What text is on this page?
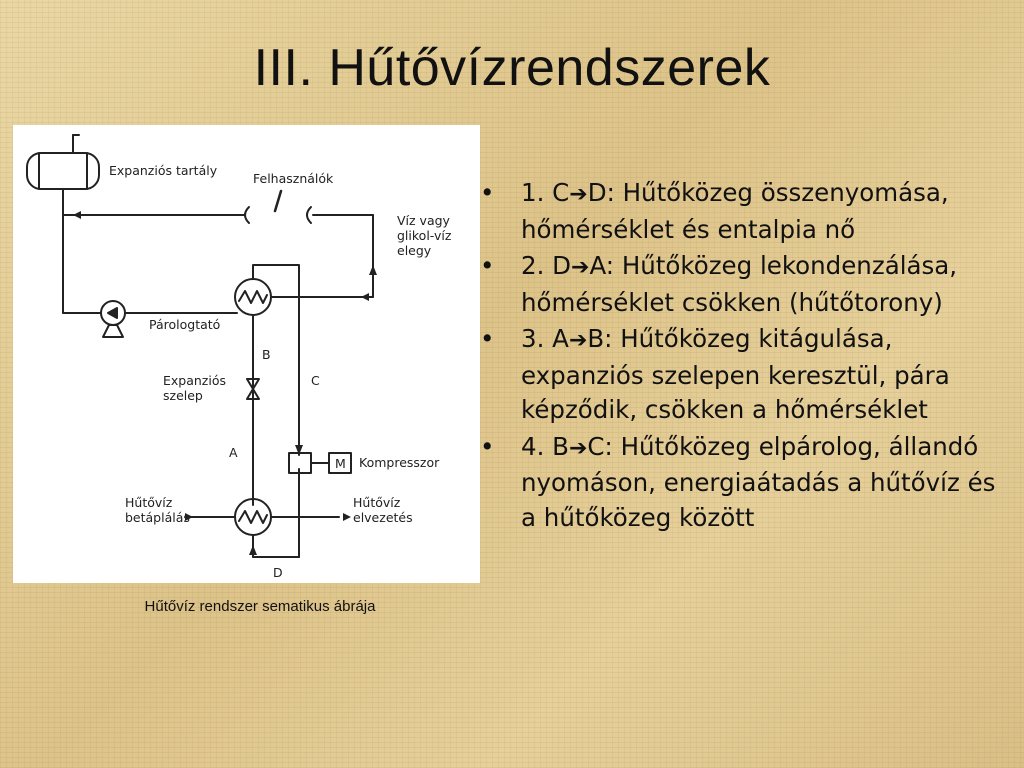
III. Hűtővízrendszerek
Expanziós tartály
Felhasználók
Víz vagy
glikol-víz
elegy
Párologtató
B
C
Expanziós
szelep
A
M Kompresszor
Hűtővíz
betáplálás
Hűtővíz
elvezetés
D
Hűtővíz rendszer sematikus ábrája
• 1. C➔D: Hűtőközeg összenyomása, hőmérséklet és entalpia nő
• 2. D➔A: Hűtőközeg lekondenzálása, hőmérséklet csökken (hűtőtorony)
• 3. A➔B: Hűtőközeg kitágulása, expanziós szelepen keresztül, pára képződik, csökken a hőmérséklet
• 4. B➔C: Hűtőközeg elpárolog, állandó nyomáson, energiaátadás a hűtővíz és a hűtőközeg között
